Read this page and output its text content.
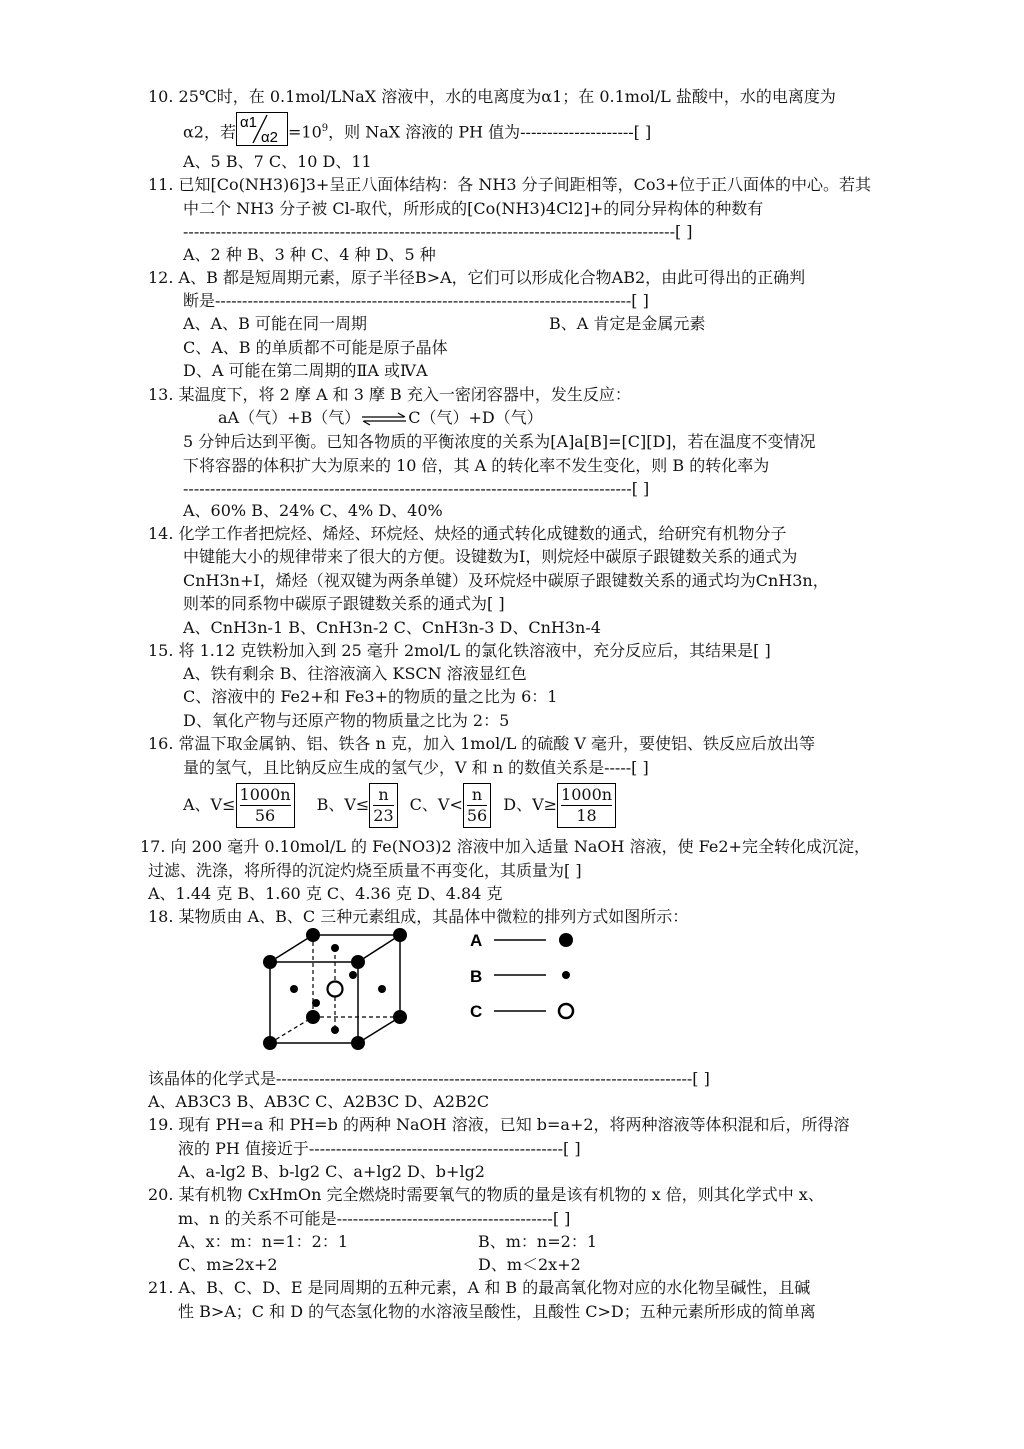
10. 25℃时，在 0.1mol/LNaX 溶液中，水的电离度为α1；在 0.1mol/L 盐酸中，水的电离度为
α2，若 α1
$\alpha 2 =10^9$，则 NaX 溶液的 PH 值为---------------------[ ]
A、5 B、7 C、10 D、11
11. 已知[Co(NH3)6]3+呈正八面体结构：各 NH3 分子间距相等，Co3+位于正八面体的中心。若其
中二个 NH3 分子被 Cl-取代，所形成的[Co(NH3)4Cl2]+的同分异构体的种数有
-------------------------------------------------------------------------------------------[ ]
A、2 种 B、3 种 C、4 种 D、5 种
12. A、B 都是短周期元素，原子半径B>A，它们可以形成化合物AB2，由此可得出的正确判
断是-----------------------------------------------------------------------------[ ]
A、A、B 可能在同一周期	B、A 肯定是金属元素
C、A、B 的单质都不可能是原子晶体
D、A 可能在第二周期的ⅡA 或ⅣA
13. 某温度下，将 2 摩 A 和 3 摩 B 充入一密闭容器中，发生反应：
aA（气）+B（气）⇌C（气）+D（气）
5 分钟后达到平衡。已知各物质的平衡浓度的关系为[A]a[B]=[C][D]，若在温度不变情况
下将容器的体积扩大为原来的 10 倍，其 A 的转化率不发生变化，则 B 的转化率为
-----------------------------------------------------------------------------------[ ]
A、60% B、24% C、4% D、40%
14. 化学工作者把烷烃、烯烃、环烷烃、炔烃的通式转化成键数的通式，给研究有机物分子
中键能大小的规律带来了很大的方便。设键数为I，则烷烃中碳原子跟键数关系的通式为
CnH3n+I，烯烃（视双键为两条单键）及环烷烃中碳原子跟键数关系的通式均为CnH3n，
则苯的同系物中碳原子跟键数关系的通式为[ ]
A、CnH3n-1 B、CnH3n-2 C、CnH3n-3 D、CnH3n-4
15. 将 1.12 克铁粉加入到 25 毫升 2mol/L 的氯化铁溶液中，充分反应后，其结果是[ ]
A、铁有剩余 B、往溶液滴入 KSCN 溶液显红色
C、溶液中的 Fe2+和 Fe3+的物质的量之比为 6：1
D、氧化产物与还原产物的物质量之比为 2：5
16. 常温下取金属钠、铝、铁各 n 克，加入 1mol/L 的硫酸 V 毫升，要使铝、铁反应后放出等
量的氢气，且比钠反应生成的氢气少，V 和 n 的数值关系是-----[ ]
A、$V\le \frac{1000n}{56}$ B、$V\le \frac{n}{23}$ C、$V< \frac{n}{56}$ D、$V\ge \frac{1000n}{18}$
17. 向 200 毫升 0.10mol/L 的 Fe(NO3)2 溶液中加入适量 NaOH 溶液，使 Fe2+完全转化成沉淀，
过滤、洗涤，将所得的沉淀灼烧至质量不再变化，其质量为[ ]
A、1.44 克 B、1.60 克 C、4.36 克 D、4.84 克
18. 某物质由 A、B、C 三种元素组成，其晶体中微粒的排列方式如图所示：
A
B
C
该晶体的化学式是-----------------------------------------------------------------------------[ ]
A、AB3C3 B、AB3C C、A2B3C D、A2B2C
19. 现有 PH=a 和 PH=b 的两种 NaOH 溶液，已知 b=a+2，将两种溶液等体积混和后，所得溶
液的 PH 值接近于-----------------------------------------------[ ]
A、a-lg2 B、b-lg2 C、a+lg2 D、b+lg2
20. 某有机物 CxHmOn 完全燃烧时需要氧气的物质的量是该有机物的 x 倍，则其化学式中 x、
m、n 的关系不可能是----------------------------------------[ ]
A、x：m：n=1：2：1	B、m：n=2：1
C、m≥2x+2	D、m＜2x+2
21. A、B、C、D、E 是同周期的五种元素，A 和 B 的最高氧化物对应的水化物呈碱性，且碱
性 B>A；C 和 D 的气态氢化物的水溶液呈酸性，且酸性 C>D；五种元素所形成的简单离
